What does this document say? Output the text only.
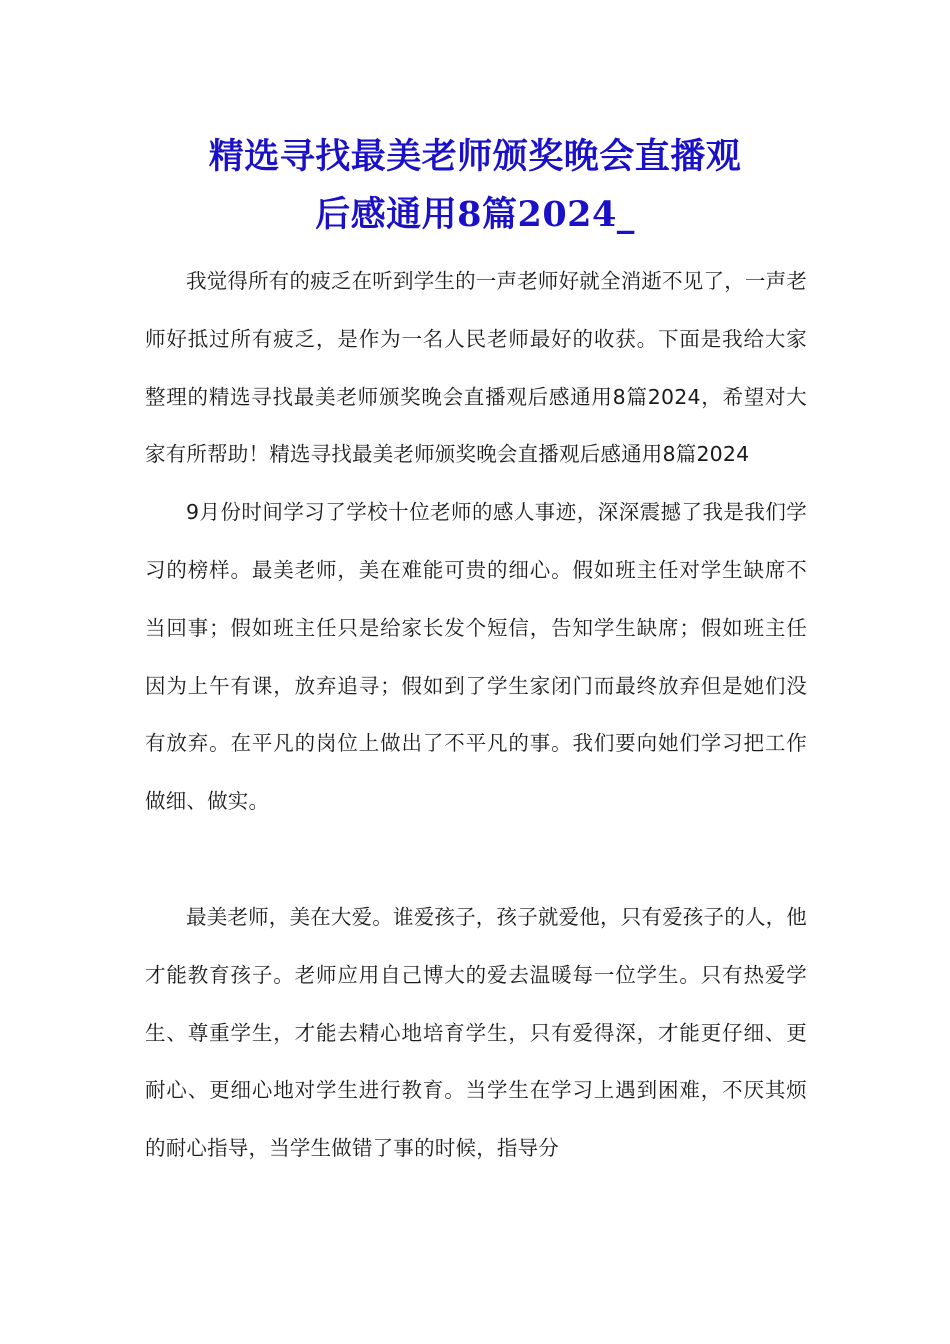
精选寻找最美老师颁奖晚会直播观
后感通用8篇2024_

我觉得所有的疲乏在听到学生的一声老师好就全消逝不见了，一声老师好抵过所有疲乏，是作为一名人民老师最好的收获。下面是我给大家整理的精选寻找最美老师颁奖晚会直播观后感通用8篇2024，希望对大家有所帮助！精选寻找最美老师颁奖晚会直播观后感通用8篇2024

9月份时间学习了学校十位老师的感人事迹，深深震撼了我是我们学习的榜样。最美老师，美在难能可贵的细心。假如班主任对学生缺席不当回事；假如班主任只是给家长发个短信，告知学生缺席；假如班主任因为上午有课，放弃追寻；假如到了学生家闭门而最终放弃但是她们没有放弃。在平凡的岗位上做出了不平凡的事。我们要向她们学习把工作做细、做实。

最美老师，美在大爱。谁爱孩子，孩子就爱他，只有爱孩子的人，他才能教育孩子。老师应用自己博大的爱去温暖每一位学生。只有热爱学生、尊重学生，才能去精心地培育学生，只有爱得深，才能更仔细、更耐心、更细心地对学生进行教育。当学生在学习上遇到困难，不厌其烦的耐心指导，当学生做错了事的时候，指导分
